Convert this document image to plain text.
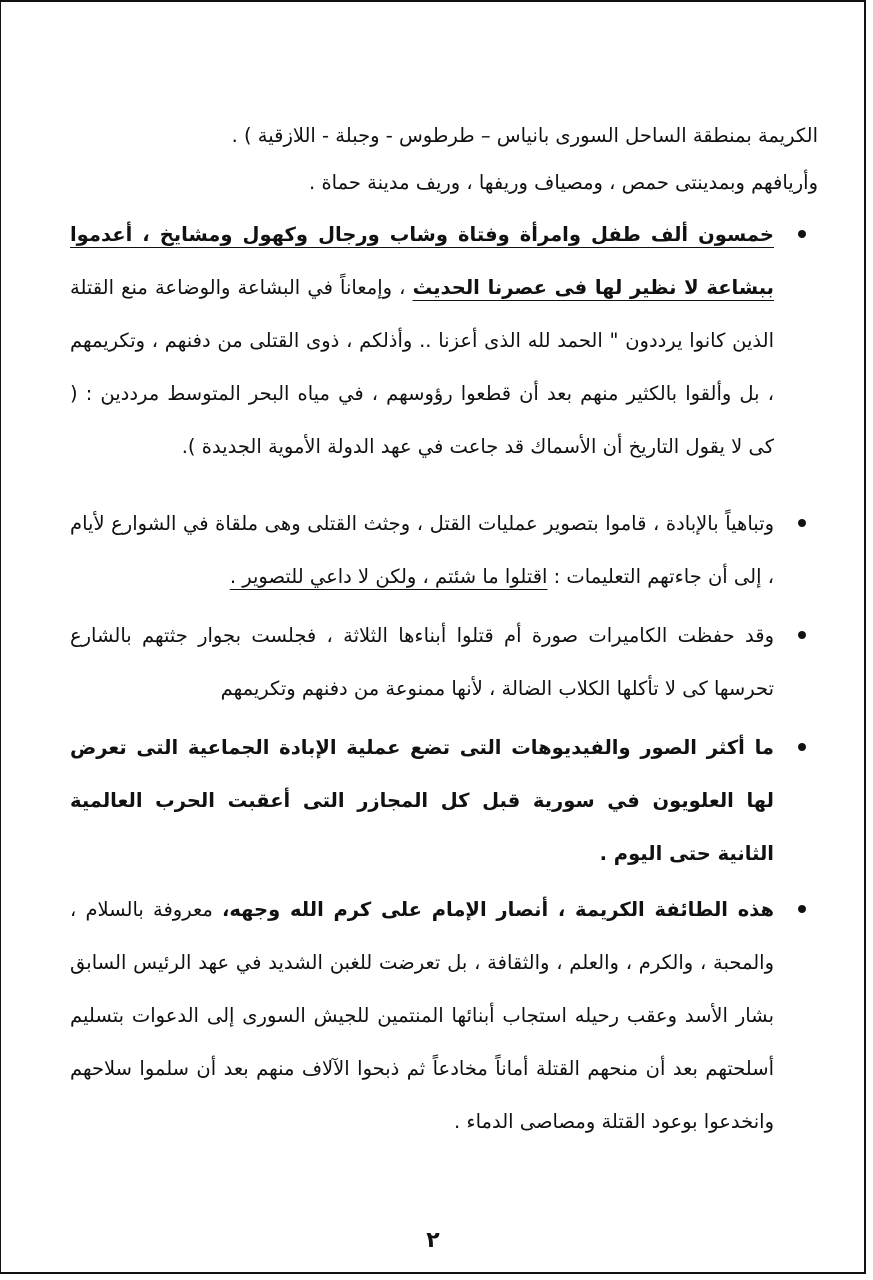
الكريمة بمنطقة الساحل السورى بانياس – طرطوس - وجبلة - اللازقية ) .

وأريافهم وبمدينتى حمص ، ومصياف وريفها ، وريف مدينة حماة .

خمسون ألف طفل وامرأة وفتاة وشاب ورجال وكهول ومشايخ ، أعدموا ببشاعة لا نظير لها فى عصرنا الحديث ، وإمعاناً في البشاعة والوضاعة منع القتلة الذين كانوا يرددون " الحمد لله الذى أعزنا .. وأذلكم ، ذوى القتلى من دفنهم ، وتكريمهم ، بل وألقوا بالكثير منهم بعد أن قطعوا رؤوسهم ، في مياه البحر المتوسط مرددين : ( كى لا يقول التاريخ أن الأسماك قد جاعت في عهد الدولة الأموية الجديدة ).

وتباهياً بالإبادة ، قاموا بتصوير عمليات القتل ، وجثث القتلى وهى ملقاة في الشوارع لأيام ، إلى أن جاءتهم التعليمات : اقتلوا ما شئتم ، ولكن لا داعي للتصوير .

وقد حفظت الكاميرات صورة أم قتلوا أبناءها الثلاثة ، فجلست بجوار جثتهم بالشارع تحرسها كى لا تأكلها الكلاب الضالة ، لأنها ممنوعة من دفنهم وتكريمهم

ما أكثر الصور والفيديوهات التى تضع عملية الإبادة الجماعية التى تعرض لها العلويون في سورية قبل كل المجازر التى أعقبت الحرب العالمية الثانية حتى اليوم .

هذه الطائفة الكريمة ، أنصار الإمام على كرم الله وجهه، معروفة بالسلام ، والمحبة ، والكرم ، والعلم ، والثقافة ، بل تعرضت للغبن الشديد في عهد الرئيس السابق بشار الأسد وعقب رحيله استجاب أبنائها المنتمين للجيش السورى إلى الدعوات بتسليم أسلحتهم بعد أن منحهم القتلة أماناً مخادعاً ثم ذبحوا الآلاف منهم بعد أن سلموا سلاحهم وانخدعوا بوعود القتلة ومصاصى الدماء .

٢
